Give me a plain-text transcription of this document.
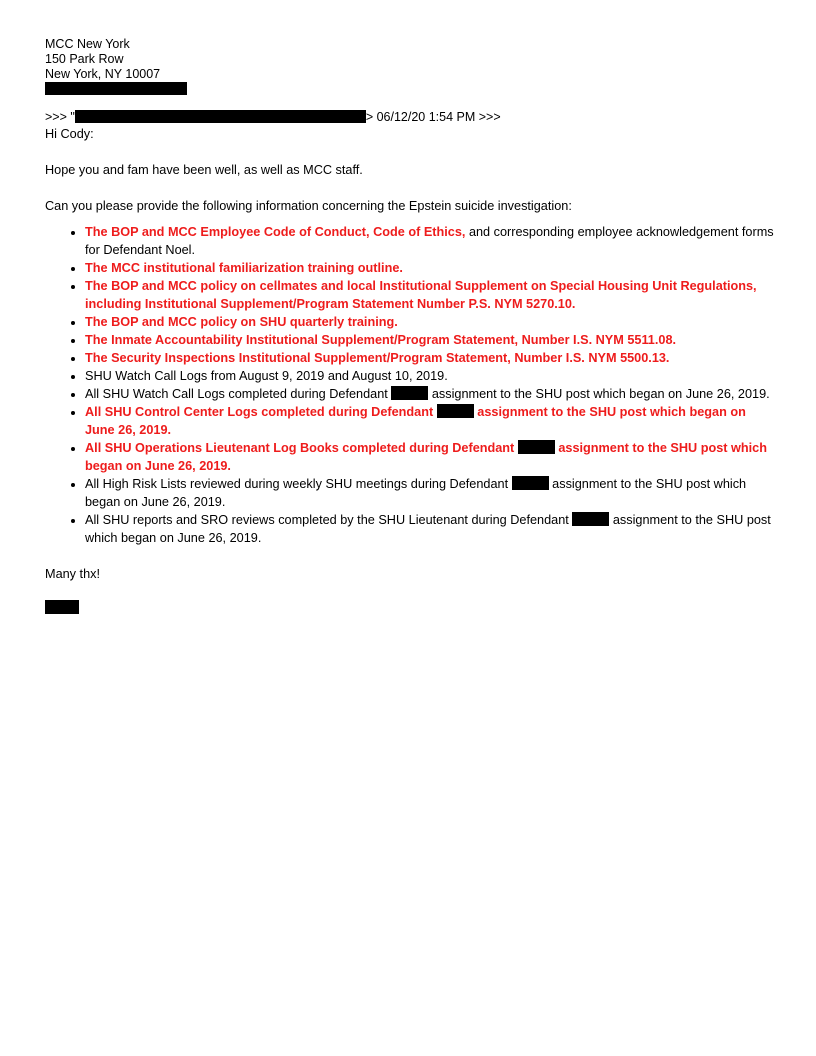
MCC New York
150 Park Row
New York, NY 10007
>>> "	> 06/12/20 1:54 PM >>>

Hi Cody:

Hope you and fam have been well, as well as MCC staff.

Can you please provide the following information concerning the Epstein suicide investigation:

• The BOP and MCC Employee Code of Conduct, Code of Ethics, and corresponding employee acknowledgement forms for Defendant Noel.
• The MCC institutional familiarization training outline.
• The BOP and MCC policy on cellmates and local Institutional Supplement on Special Housing Unit Regulations, including Institutional Supplement/Program Statement Number P.S. NYM 5270.10.
• The BOP and MCC policy on SHU quarterly training.
• The Inmate Accountability Institutional Supplement/Program Statement, Number I.S. NYM 5511.08.
• The Security Inspections Institutional Supplement/Program Statement, Number I.S. NYM 5500.13.
• SHU Watch Call Logs from August 9, 2019 and August 10, 2019.
• All SHU Watch Call Logs completed during Defendant	assignment to the SHU post which began on June 26, 2019.
• All SHU Control Center Logs completed during Defendant	assignment to the SHU post which began on June 26, 2019.
• All SHU Operations Lieutenant Log Books completed during Defendant	assignment to the SHU post which began on June 26, 2019.
• All High Risk Lists reviewed during weekly SHU meetings during Defendant	assignment to the SHU post which began on June 26, 2019.
• All SHU reports and SRO reviews completed by the SHU Lieutenant during Defendant	assignment to the SHU post which began on June 26, 2019.

Many thx!
